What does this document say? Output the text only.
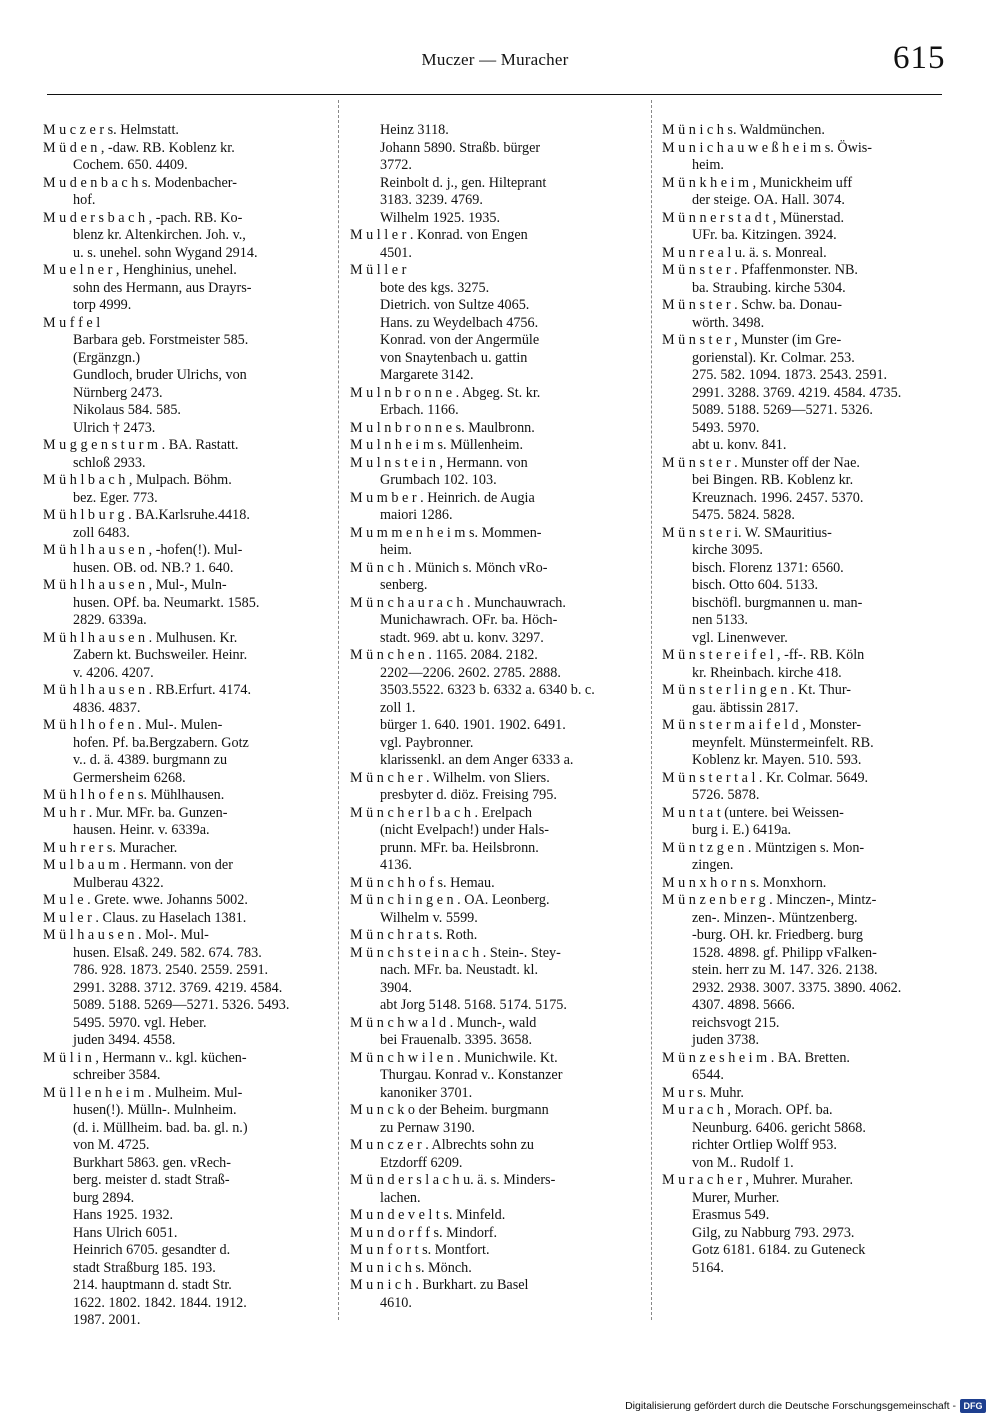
Muczer — Muracher	615
M u c z e r s. Helmstatt.
M ü d e n , -daw. RB. Koblenz kr.
Cochem. 650. 4409.
M u d e n b a c h s. Modenbacher-
hof.
M u d e r s b a c h , -pach. RB. Ko-
blenz kr. Altenkirchen. Joh. v.,
u. s. unehel. sohn Wygand 2914.
M u e l n e r , Henghinius, unehel.
sohn des Hermann, aus Drayrs-
torp 4999.
M u f f e l
Barbara geb. Forstmeister 585.
(Ergänzgn.)
Gundloch, bruder Ulrichs, von
Nürnberg 2473.
Nikolaus 584. 585.
Ulrich † 2473.
M u g g e n s t u r m . BA. Rastatt.
schloß 2933.
M ü h l b a c h , Mulpach. Böhm.
bez. Eger. 773.
M ü h l b u r g . BA.Karlsruhe.4418.
zoll 6483.
M ü h l h a u s e n , -hofen(!). Mul-
husen. OB. od. NB.? 1. 640.
M ü h l h a u s e n , Mul-, Muln-
husen. OPf. ba. Neumarkt. 1585.
2829. 6339a.
M ü h l h a u s e n . Mulhusen. Kr.
Zabern kt. Buchsweiler. Heinr.
v. 4206. 4207.
M ü h l h a u s e n . RB.Erfurt. 4174.
4836. 4837.
M ü h l h o f e n . Mul-. Mulen-
hofen. Pf. ba.Bergzabern. Gotz
v.. d. ä. 4389. burgmann zu
Germersheim 6268.
M ü h l h o f e n s. Mühlhausen.
M u h r . Mur. MFr. ba. Gunzen-
hausen. Heinr. v. 6339a.
M u h r e r s. Muracher.
M u l b a u m . Hermann. von der
Mulberau 4322.
M u l e . Grete. wwe. Johanns 5002.
M u l e r . Claus. zu Haselach 1381.
M ü l h a u s e n . Mol-. Mul-
husen. Elsaß. 249. 582. 674. 783.
786. 928. 1873. 2540. 2559. 2591.
2991. 3288. 3712. 3769. 4219. 4584.
5089. 5188. 5269—5271. 5326. 5493.
5495. 5970. vgl. Heber.
juden 3494. 4558.
M ü l i n , Hermann v.. kgl. küchen-
schreiber 3584.
M ü l l e n h e i m . Mulheim. Mul-
husen(!). Mülln-. Mulnheim.
(d. i. Müllheim. bad. ba. gl. n.)
von M. 4725.
Burkhart 5863. gen. vRech-
berg. meister d. stadt Straß-
burg 2894.
Hans 1925. 1932.
Hans Ulrich 6051.
Heinrich 6705. gesandter d.
stadt Straßburg 185. 193.
214. hauptmann d. stadt Str.
1622. 1802. 1842. 1844. 1912.
1987. 2001.
Heinz 3118.
Johann 5890. Straßb. bürger
3772.
Reinbolt d. j., gen. Hilteprant
3183. 3239. 4769.
Wilhelm 1925. 1935.
M u l l e r . Konrad. von Engen
4501.
M ü l l e r
bote des kgs. 3275.
Dietrich. von Sultze 4065.
Hans. zu Weydelbach 4756.
Konrad. von der Angermüle
von Snaytenbach u. gattin
Margarete 3142.
M u l n b r o n n e . Abgeg. St. kr.
Erbach. 1166.
M u l n b r o n n e s. Maulbronn.
M u l n h e i m s. Müllenheim.
M u l n s t e i n , Hermann. von
Grumbach 102. 103.
M u m b e r . Heinrich. de Augia
maiori 1286.
M u m m e n h e i m s. Mommen-
heim.
M ü n c h . Münich s. Mönch vRo-
senberg.
M ü n c h a u r a c h . Munchauwrach.
Munichawrach. OFr. ba. Höch-
stadt. 969. abt u. konv. 3297.
M ü n c h e n . 1165. 2084. 2182.
2202—2206. 2602. 2785. 2888.
3503.5522. 6323 b. 6332 a. 6340 b. c.
zoll 1.
bürger 1. 640. 1901. 1902. 6491.
vgl. Paybronner.
klarissenkl. an dem Anger 6333 a.
M ü n c h e r . Wilhelm. von Sliers.
presbyter d. diöz. Freising 795.
M ü n c h e r l b a c h . Erelpach
(nicht Evelpach!) under Hals-
prunn. MFr. ba. Heilsbronn.
4136.
M ü n c h h o f s. Hemau.
M ü n c h i n g e n . OA. Leonberg.
Wilhelm v. 5599.
M ü n c h r a t s. Roth.
M ü n c h s t e i n a c h . Stein-. Stey-
nach. MFr. ba. Neustadt. kl.
3904.
abt Jorg 5148. 5168. 5174. 5175.
M ü n c h w a l d . Munch-, wald
bei Frauenalb. 3395. 3658.
M ü n c h w i l e n . Munichwile. Kt.
Thurgau. Konrad v.. Konstanzer
kanoniker 3701.
M u n c k o der Beheim. burgmann
zu Pernaw 3190.
M u n c z e r . Albrechts sohn zu
Etzdorff 6209.
M ü n d e r s l a c h u. ä. s. Minders-
lachen.
M u n d e v e l t s. Minfeld.
M u n d o r f f s. Mindorf.
M u n f o r t s. Montfort.
M u n i c h s. Mönch.
M u n i c h . Burkhart. zu Basel
4610.
M ü n i c h s. Waldmünchen.
M u n i c h a u w e ß h e i m s. Öwis-
heim.
M ü n k h e i m , Munickheim uff
der steige. OA. Hall. 3074.
M ü n n e r s t a d t , Münerstad.
UFr. ba. Kitzingen. 3924.
M u n r e a l u. ä. s. Monreal.
M ü n s t e r . Pfaffenmonster. NB.
ba. Straubing. kirche 5304.
M ü n s t e r . Schw. ba. Donau-
wörth. 3498.
M ü n s t e r , Munster (im Gre-
gorienstal). Kr. Colmar. 253.
275. 582. 1094. 1873. 2543. 2591.
2991. 3288. 3769. 4219. 4584. 4735.
5089. 5188. 5269—5271. 5326.
5493. 5970.
abt u. konv. 841.
M ü n s t e r . Munster off der Nae.
bei Bingen. RB. Koblenz kr.
Kreuznach. 1996. 2457. 5370.
5475. 5824. 5828.
M ü n s t e r i. W. SMauritius-
kirche 3095.
bisch. Florenz 1371: 6560.
bisch. Otto 604. 5133.
bischöfl. burgmannen u. man-
nen 5133.
vgl. Linenwever.
M ü n s t e r e i f e l , -ff-. RB. Köln
kr. Rheinbach. kirche 418.
M ü n s t e r l i n g e n . Kt. Thur-
gau. äbtissin 2817.
M ü n s t e r m a i f e l d , Monster-
meynfelt. Münstermeinfelt. RB.
Koblenz kr. Mayen. 510. 593.
M ü n s t e r t a l . Kr. Colmar. 5649.
5726. 5878.
M u n t a t (untere. bei Weissen-
burg i. E.) 6419a.
M ü n t z g e n . Müntzigen s. Mon-
zingen.
M u n x h o r n s. Monxhorn.
M ü n z e n b e r g . Minczen-, Mintz-
zen-. Minzen-. Müntzenberg.
-burg. OH. kr. Friedberg. burg
1528. 4898. gf. Philipp vFalken-
stein. herr zu M. 147. 326. 2138.
2932. 2938. 3007. 3375. 3890. 4062.
4307. 4898. 5666.
reichsvogt 215.
juden 3738.
M ü n z e s h e i m . BA. Bretten.
6544.
M u r s. Muhr.
M u r a c h , Morach. OPf. ba.
Neunburg. 6406. gericht 5868.
richter Ortliep Wolff 953.
von M.. Rudolf 1.
M u r a c h e r , Muhrer. Muraher.
Murer, Murher.
Erasmus 549.
Gilg, zu Nabburg 793. 2973.
Gotz 6181. 6184. zu Guteneck
5164.
Digitalisierung gefördert durch die Deutsche Forschungsgemeinschaft - DFG
